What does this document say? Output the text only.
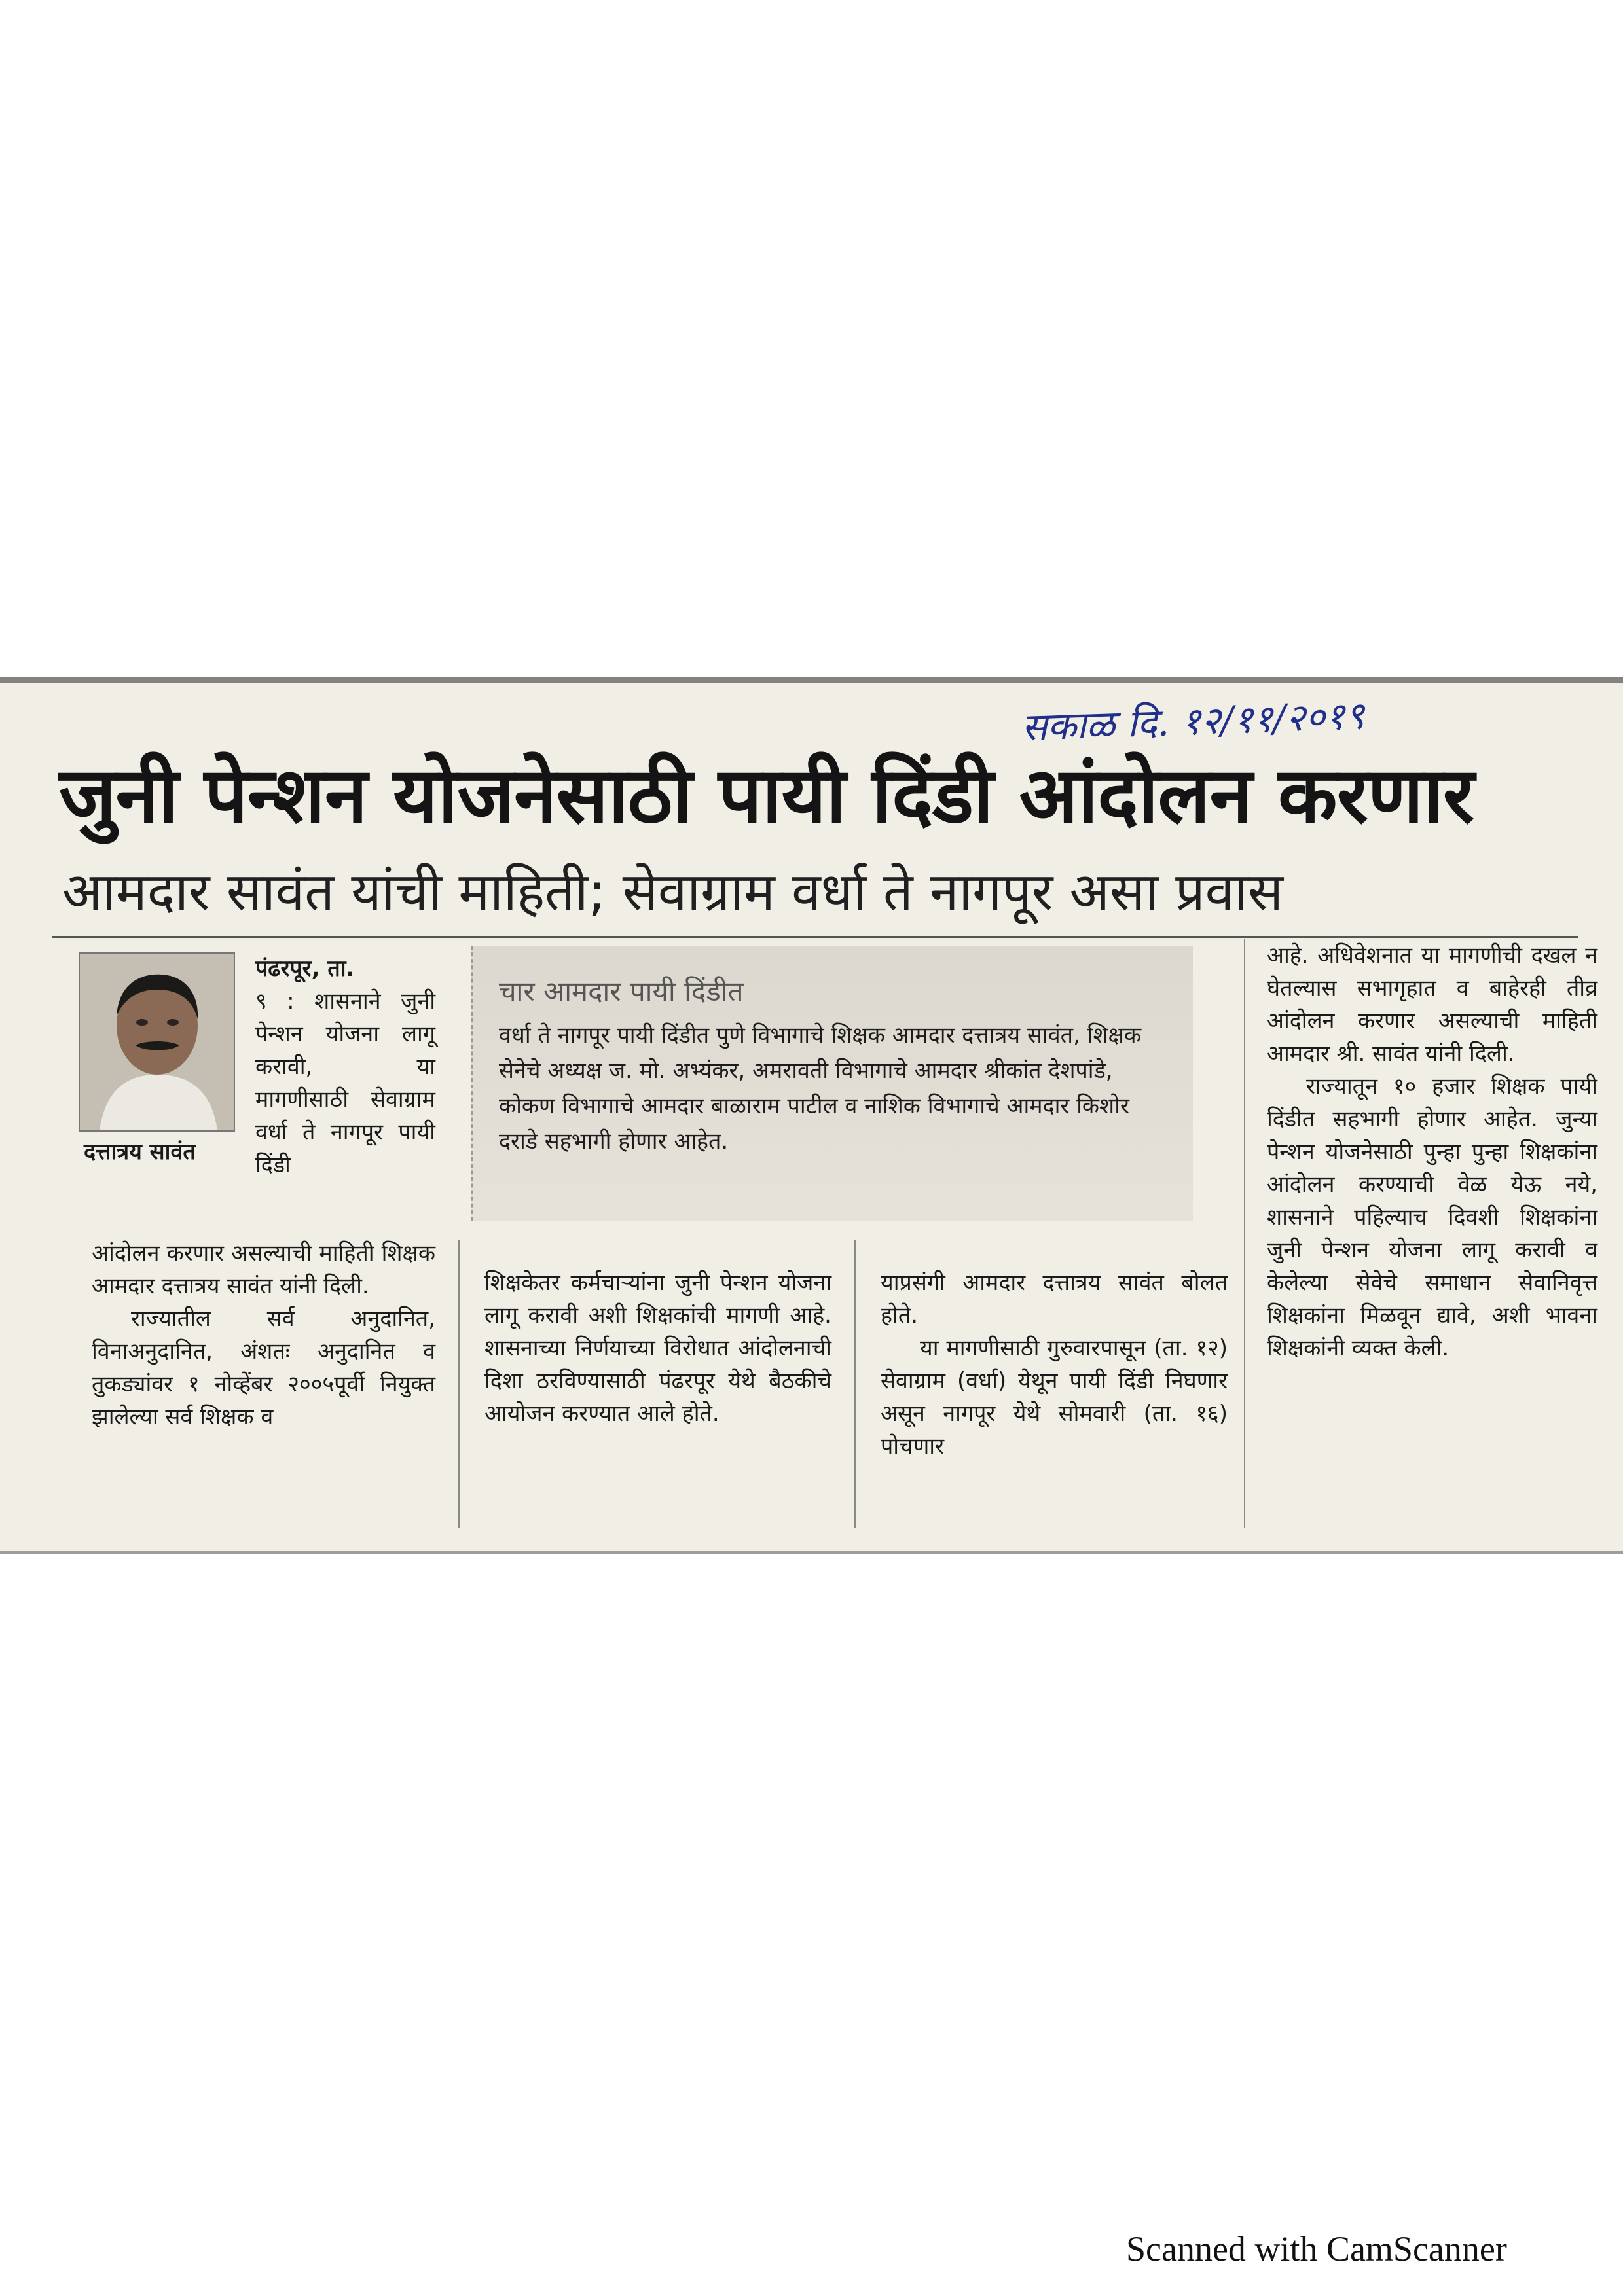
सकाळ दि. १२/११/२०१९
जुनी पेन्शन योजनेसाठी पायी दिंडी आंदोलन करणार
आमदार सावंत यांची माहिती; सेवाग्राम वर्धा ते नागपूर असा प्रवास
दत्तात्रय सावंत

पंढरपूर, ता.

९ : शासनाने जुनी पेन्शन योजना लागू करावी, या मागणीसाठी सेवाग्राम वर्धा ते नागपूर पायी दिंडी

आंदोलन करणार असल्याची माहिती शिक्षक आमदार दत्तात्रय सावंत यांनी दिली.

राज्यातील सर्व अनुदानित, विनाअनुदानित, अंशतः अनुदानित व तुकड्यांवर १ नोव्हेंबर २००५पूर्वी नियुक्त झालेल्या सर्व शिक्षक व

चार आमदार पायी दिंडीत
वर्धा ते नागपूर पायी दिंडीत पुणे विभागाचे शिक्षक आमदार दत्तात्रय सावंत, शिक्षक सेनेचे अध्यक्ष ज. मो. अभ्यंकर, अमरावती विभागाचे आमदार श्रीकांत देशपांडे, कोकण विभागाचे आमदार बाळाराम पाटील व नाशिक विभागाचे आमदार किशोर दराडे सहभागी होणार आहेत.

शिक्षकेतर कर्मचाऱ्यांना जुनी पेन्शन योजना लागू करावी अशी शिक्षकांची मागणी आहे. शासनाच्या निर्णयाच्या विरोधात आंदोलनाची दिशा ठरविण्यासाठी पंढरपूर येथे बैठकीचे आयोजन करण्यात आले होते.

याप्रसंगी आमदार दत्तात्रय सावंत बोलत होते.

या मागणीसाठी गुरुवारपासून (ता. १२) सेवाग्राम (वर्धा) येथून पायी दिंडी निघणार असून नागपूर येथे सोमवारी (ता. १६) पोचणार

आहे. अधिवेशनात या मागणीची दखल न घेतल्यास सभागृहात व बाहेरही तीव्र आंदोलन करणार असल्याची माहिती आमदार श्री. सावंत यांनी दिली.

राज्यातून १० हजार शिक्षक पायी दिंडीत सहभागी होणार आहेत. जुन्या पेन्शन योजनेसाठी पुन्हा पुन्हा शिक्षकांना आंदोलन करण्याची वेळ येऊ नये, शासनाने पहिल्याच दिवशी शिक्षकांना जुनी पेन्शन योजना लागू करावी व केलेल्या सेवेचे समाधान सेवानिवृत्त शिक्षकांना मिळवून द्यावे, अशी भावना शिक्षकांनी व्यक्त केली.

Scanned with CamScanner
